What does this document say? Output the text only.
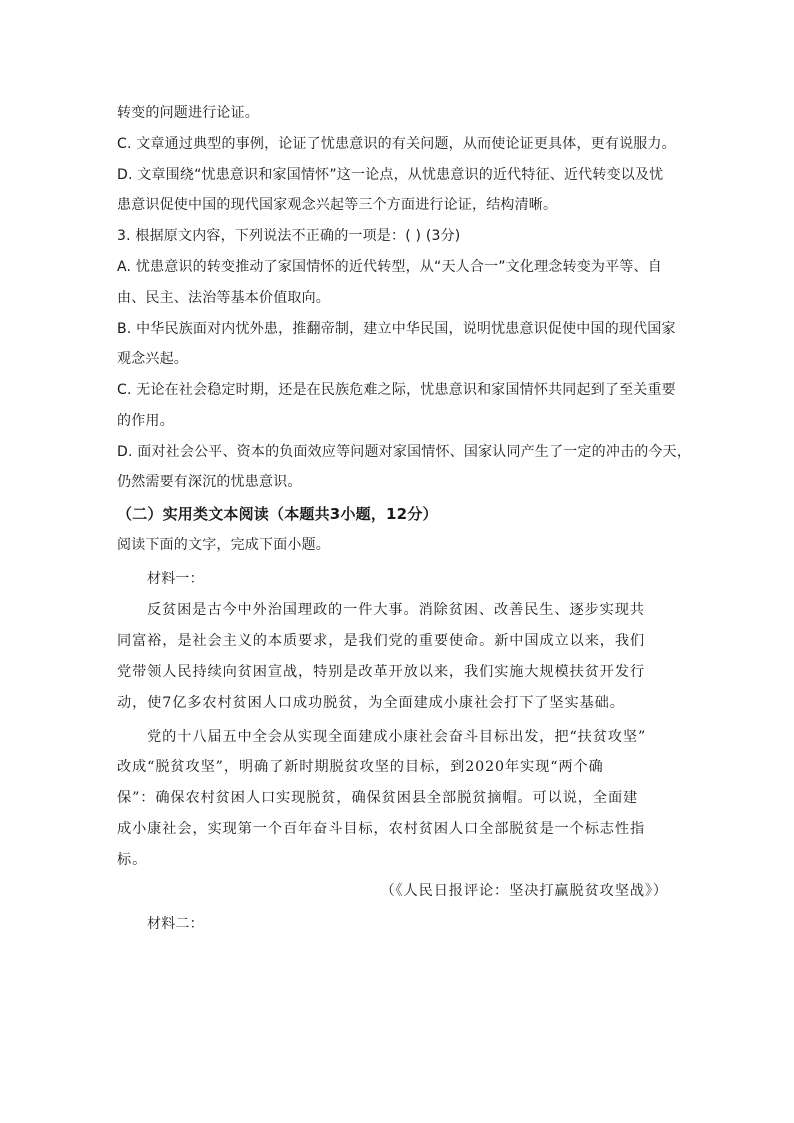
转变的问题进行论证。
C. 文章通过典型的事例，论证了忧患意识的有关问题，从而使论证更具体，更有说服力。
D. 文章围绕“忧患意识和家国情怀”这一论点，从忧患意识的近代特征、近代转变以及忧
患意识促使中国的现代国家观念兴起等三个方面进行论证，结构清晰。
3. 根据原文内容，下列说法不正确的一项是：( ) (3分)
A. 忧患意识的转变推动了家国情怀的近代转型，从“天人合一”文化理念转变为平等、自
由、民主、法治等基本价值取向。
B. 中华民族面对内忧外患，推翻帝制，建立中华民国，说明忧患意识促使中国的现代国家
观念兴起。
C. 无论在社会稳定时期，还是在民族危难之际，忧患意识和家国情怀共同起到了至关重要
的作用。
D. 面对社会公平、资本的负面效应等问题对家国情怀、国家认同产生了一定的冲击的今天，
仍然需要有深沉的忧患意识。
（二）实用类文本阅读（本题共3小题，12分）
阅读下面的文字，完成下面小题。
材料一：
反贫困是古今中外治国理政的一件大事。消除贫困、改善民生、逐步实现共
同富裕，是社会主义的本质要求，是我们党的重要使命。新中国成立以来，我们
党带领人民持续向贫困宣战，特别是改革开放以来，我们实施大规模扶贫开发行
动，使7亿多农村贫困人口成功脱贫，为全面建成小康社会打下了坚实基础。
党的十八届五中全会从实现全面建成小康社会奋斗目标出发，把“扶贫攻坚”
改成“脱贫攻坚”，明确了新时期脱贫攻坚的目标，到2020年实现“两个确
保”：确保农村贫困人口实现脱贫，确保贫困县全部脱贫摘帽。可以说，全面建
成小康社会，实现第一个百年奋斗目标，农村贫困人口全部脱贫是一个标志性指
标。
（《人民日报评论：坚决打赢脱贫攻坚战》）
材料二：
